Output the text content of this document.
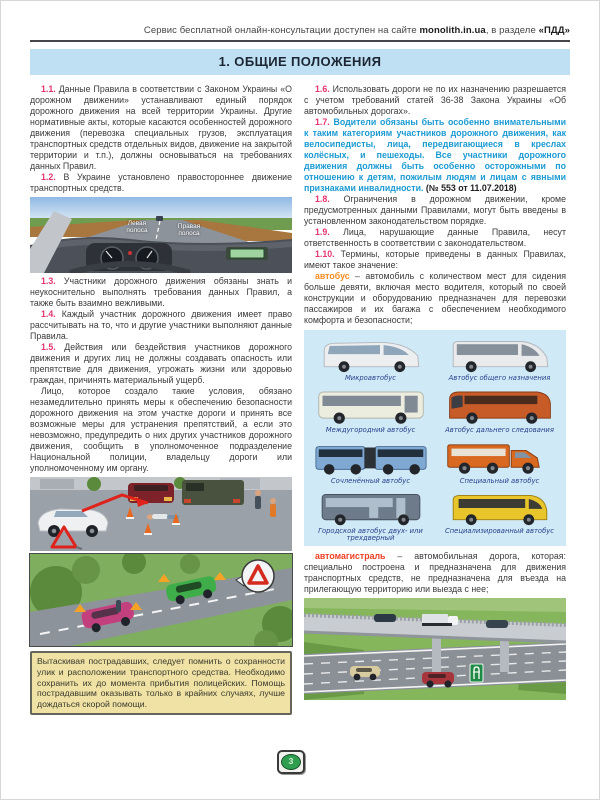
Сервис бесплатной онлайн-консультации доступен на сайте monolith.in.ua, в разделе «ПДД»
1. ОБЩИЕ ПОЛОЖЕНИЯ

1.1. Данные Правила в соответствии с Законом Украины «О дорожном движении» устанавливают единый порядок дорожного движения на всей территории Украины. Другие нормативные акты, которые касаются особенностей дорожного движения (перевозка специальных грузов, эксплуатация транспортных средств отдельных видов, движение на закрытой территории и т.п.), должны основываться на требованиях данных Правил.

1.2. В Украине установлено правостороннее движение транспортных средств.

Левая полоса
Правая полоса

1.3. Участники дорожного движения обязаны знать и неукоснительно выполнять требования данных Правил, а также быть взаимно вежливыми.

1.4. Каждый участник дорожного движения имеет право рассчитывать на то, что и другие участники выполняют данные Правила.

1.5. Действия или бездействия участников дорожного движения и других лиц не должны создавать опасность или препятствие для движения, угрожать жизни или здоровью граждан, причинять материальный ущерб.

Лицо, которое создало такие условия, обязано незамедлительно принять меры к обеспечению безопасности дорожного движения на этом участке дороги и принять все возможные меры для устранения препятствий, а если это невозможно, предупредить о них других участников дорожного движения, сообщить в уполномоченное подразделение Национальной полиции, владельцу дороги или уполномоченному им органу.

Вытаскивая пострадавших, следует помнить о сохранности улик и расположении транспортного средства. Необходимо сохранить их до момента прибытия полицейских. Помощь пострадавшим оказывать только в крайних случаях, лучше дождаться скорой помощи.

1.6. Использовать дороги не по их назначению разрешается с учетом требований статей 36-38 Закона Украины «Об автомобильных дорогах».

1.7. Водители обязаны быть особенно внимательными к таким категориям участников дорожного движения, как велосипедисты, лица, передвигающиеся в креслах колёсных, и пешеходы. Все участники дорожного движения должны быть особенно осторожными по отношению к детям, пожилым людям и лицам с явными признаками инвалидности. (№ 553 от 11.07.2018)

1.8. Ограничения в дорожном движении, кроме предусмотренных данными Правилами, могут быть введены в установленном законодательством порядке.

1.9. Лица, нарушающие данные Правила, несут ответственность в соответствии с законодательством.

1.10. Термины, которые приведены в данных Правилах, имеют такое значение:

автобус – автомобиль с количеством мест для сидения больше девяти, включая место водителя, который по своей конструкции и оборудованию предназначен для перевозки пассажиров и их багажа с обеспечением необходимого комфорта и безопасности;

Микроавтобус	Автобус общего назначения
Междугородний автобус	Автобус дальнего следования
Сочленённый автобус	Специальный автобус
Городской автобус двух- или трехдверный
Специализированный автобус

автомагистраль – автомобильная дорога, которая: специально построена и предназначена для движения транспортных средств, не предназначена для въезда на прилегающую территорию или выезда с нее;

3
